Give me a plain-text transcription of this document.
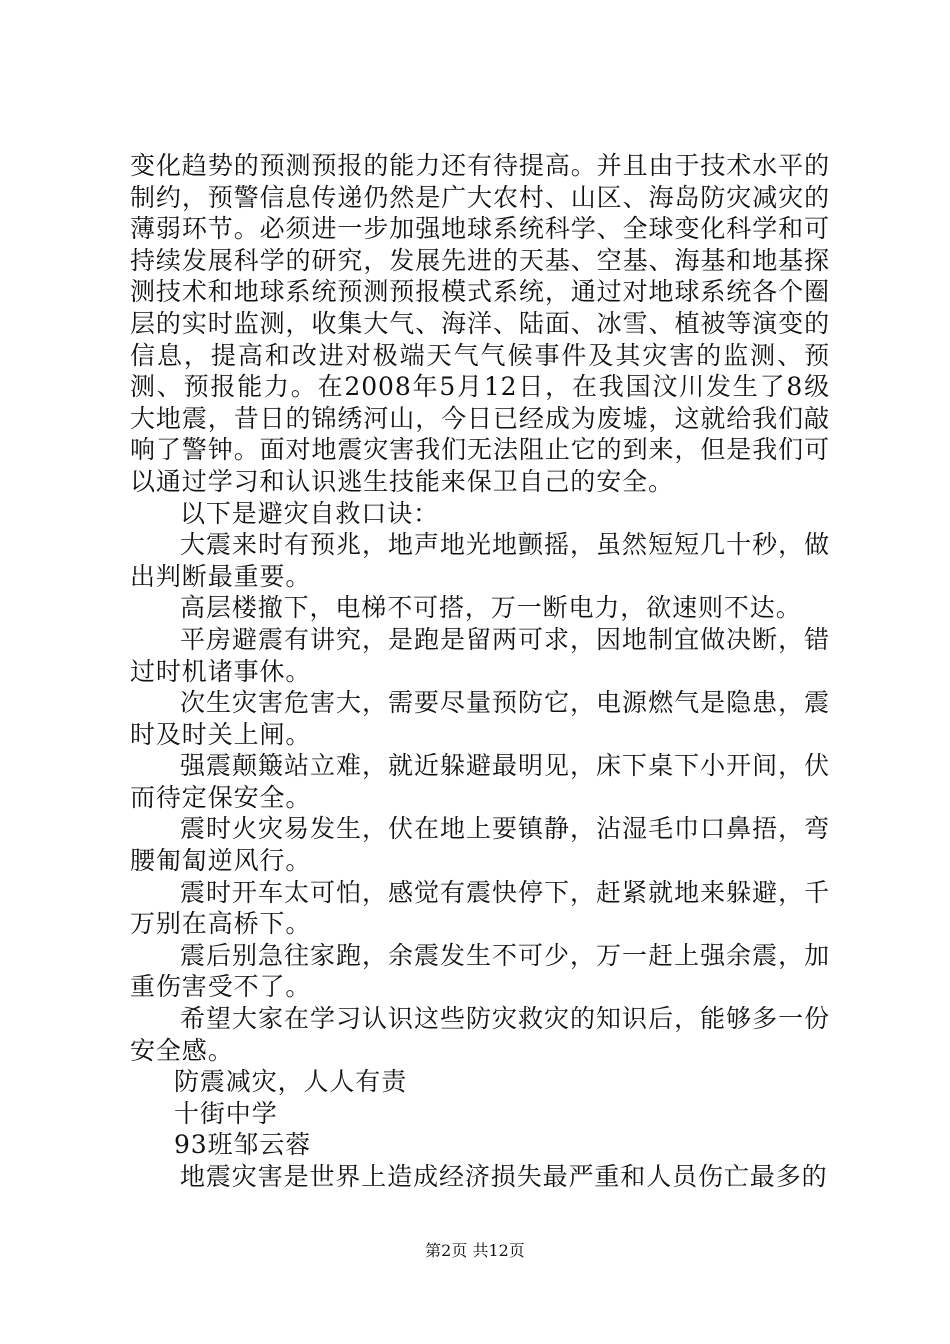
变化趋势的预测预报的能力还有待提高。并且由于技术水平的制约，预警信息传递仍然是广大农村、山区、海岛防灾减灾的薄弱环节。必须进一步加强地球系统科学、全球变化科学和可持续发展科学的研究，发展先进的天基、空基、海基和地基探测技术和地球系统预测预报模式系统，通过对地球系统各个圈层的实时监测，收集大气、海洋、陆面、冰雪、植被等演变的信息，提高和改进对极端天气气候事件及其灾害的监测、预测、预报能力。在2008年5月12日，在我国汶川发生了8级大地震，昔日的锦绣河山，今日已经成为废墟，这就给我们敲响了警钟。面对地震灾害我们无法阻止它的到来，但是我们可以通过学习和认识逃生技能来保卫自己的安全。

以下是避灾自救口诀：

大震来时有预兆，地声地光地颤摇，虽然短短几十秒，做出判断最重要。

高层楼撤下，电梯不可搭，万一断电力，欲速则不达。

平房避震有讲究，是跑是留两可求，因地制宜做决断，错过时机诸事休。

次生灾害危害大，需要尽量预防它，电源燃气是隐患，震时及时关上闸。

强震颠簸站立难，就近躲避最明见，床下桌下小开间，伏而待定保安全。

震时火灾易发生，伏在地上要镇静，沾湿毛巾口鼻捂，弯腰匍匐逆风行。

震时开车太可怕，感觉有震快停下，赶紧就地来躲避，千万别在高桥下。

震后别急往家跑，余震发生不可少，万一赶上强余震，加重伤害受不了。

希望大家在学习认识这些防灾救灾的知识后，能够多一份安全感。

防震减灾，人人有责

十街中学

93班邹云蓉

地震灾害是世界上造成经济损失最严重和人员伤亡最多的

第2页 共12页
